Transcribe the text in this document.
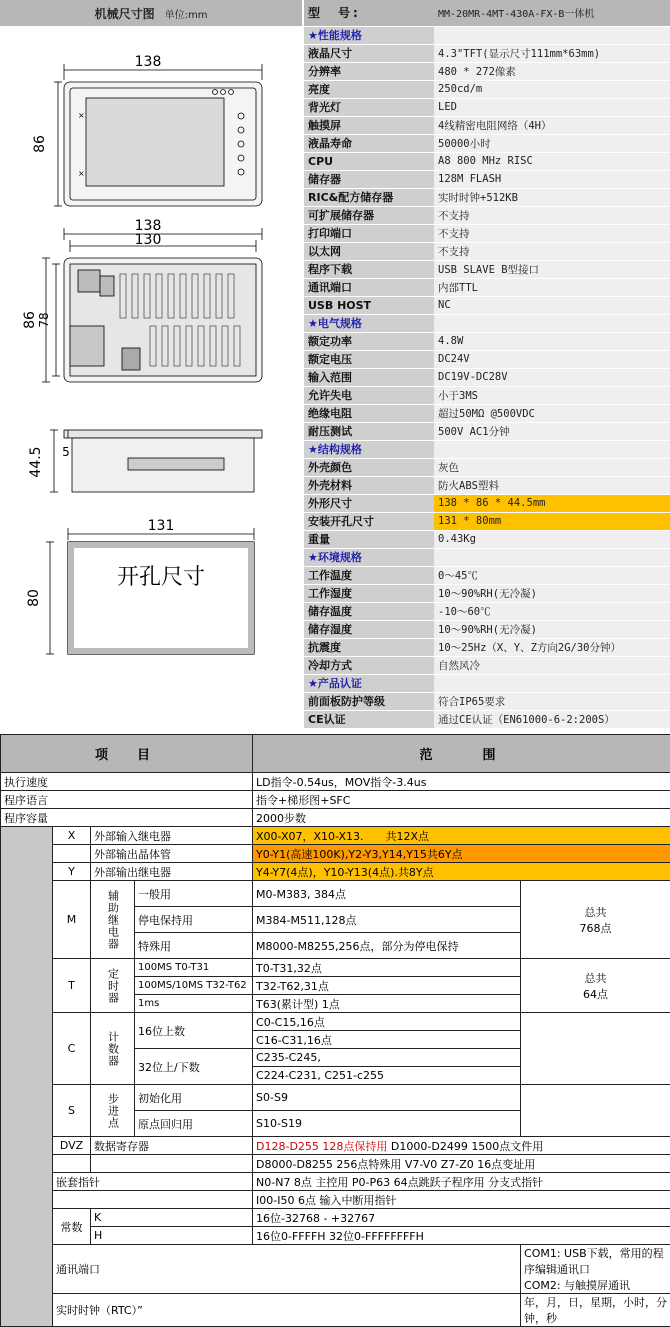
机械尺寸图 单位:mm
×
×
138
86
138
130
86 78
44.5 5
131
80
开孔尺寸
型　号:	MM-20MR-4MT-430A-FX-B一体机
★性能规格	
液晶尺寸	4.3"TFT(显示尺寸111mm*63mm)
分辨率	480 * 272像素
亮度	250cd/m
背光灯	LED
触摸屏	4线精密电阻网络（4H）
液晶寿命	50000小时
CPU	A8 800 MHz RISC
储存器	128M FLASH
RIC&配方储存器	实时时钟+512KB
可扩展储存器	不支持
打印端口	不支持
以太网	不支持
程序下载	USB SLAVE B型接口
通讯端口	内部TTL
USB HOST	NC
★电气规格	
额定功率	4.8W
额定电压	DC24V
输入范围	DC19V-DC28V
允许失电	小于3MS
绝缘电阻	超过50MΩ @500VDC
耐压测试	500V AC1分钟
★结构规格	
外壳颜色	灰色
外壳材料	防火ABS塑料
外形尺寸	138 * 86 * 44.5mm
安装开孔尺寸	131 * 80mm
重量	0.43Kg
★环境规格	
工作温度	0～45℃
工作湿度	10～90%RH(无冷凝)
储存温度	-10～60℃
储存湿度	10～90%RH(无冷凝)
抗震度	10～25Hz（X、Y、Z方向2G/30分钟）
冷却方式	自然风冷
★产品认证	
前面板防护等级	符合IP65要求
CE认证	通过CE认证（EN61000-6-2:200S）
项　目				范　　围	
执行速度				LD指令-0.54us，MOV指令-3.4us	
程序语言				指令+梯形图+SFC	
程序容量				2000步数	
	X	外部输入继电器		X00-X07，X10-X13.　　共12X点	
		外部输出晶体管		Y0-Y1(高速100K),Y2-Y3,Y14,Y15共6Y点	
	Y	外部输出继电器		Y4-Y7(4点)，Y10-Y13(4点).共8Y点	
	M	辅助继电器	一般用	M0-M383, 384点	总共
768点
			停电保持用	M384-M511,128点	
			特殊用	M8000-M8255,256点，部分为停电保持	
	T	定时器	100MS T0-T31	T0-T31,32点	总共
64点
			100MS/10MS T32-T62	T32-T62,31点	
			1ms	T63(累计型) 1点	
	C	计数器	16位上数	C0-C15,16点	
				C16-C31,16点	
			32位上/下数	C235-C245,	
				C224-C231, C251-c255	
	S	步进点	初始化用	S0-S9	
			原点回归用	S10-S19	
	DVZ	数据寄存器		D128-D255 128点保持用 D1000-D2499 1500点文件用	
				D8000-D8255 256点特殊用 V7-V0 Z7-Z0 16点变址用	
	嵌套指针			N0-N7 8点 主控用 P0-P63 64点跳跃子程序用 分支式指针	
				I00-I50 6点 输入中断用指针	
	常数	K		16位-32768 - +32767	
		H		16位0-FFFFH 32位0-FFFFFFFFH	
	通讯端口				COM1: USB下载，常用的程序编辑通讯口
COM2: 与触摸屏通讯

	实时时钟（RTC）”				年，月，日，星期，小时，分钟，秒
